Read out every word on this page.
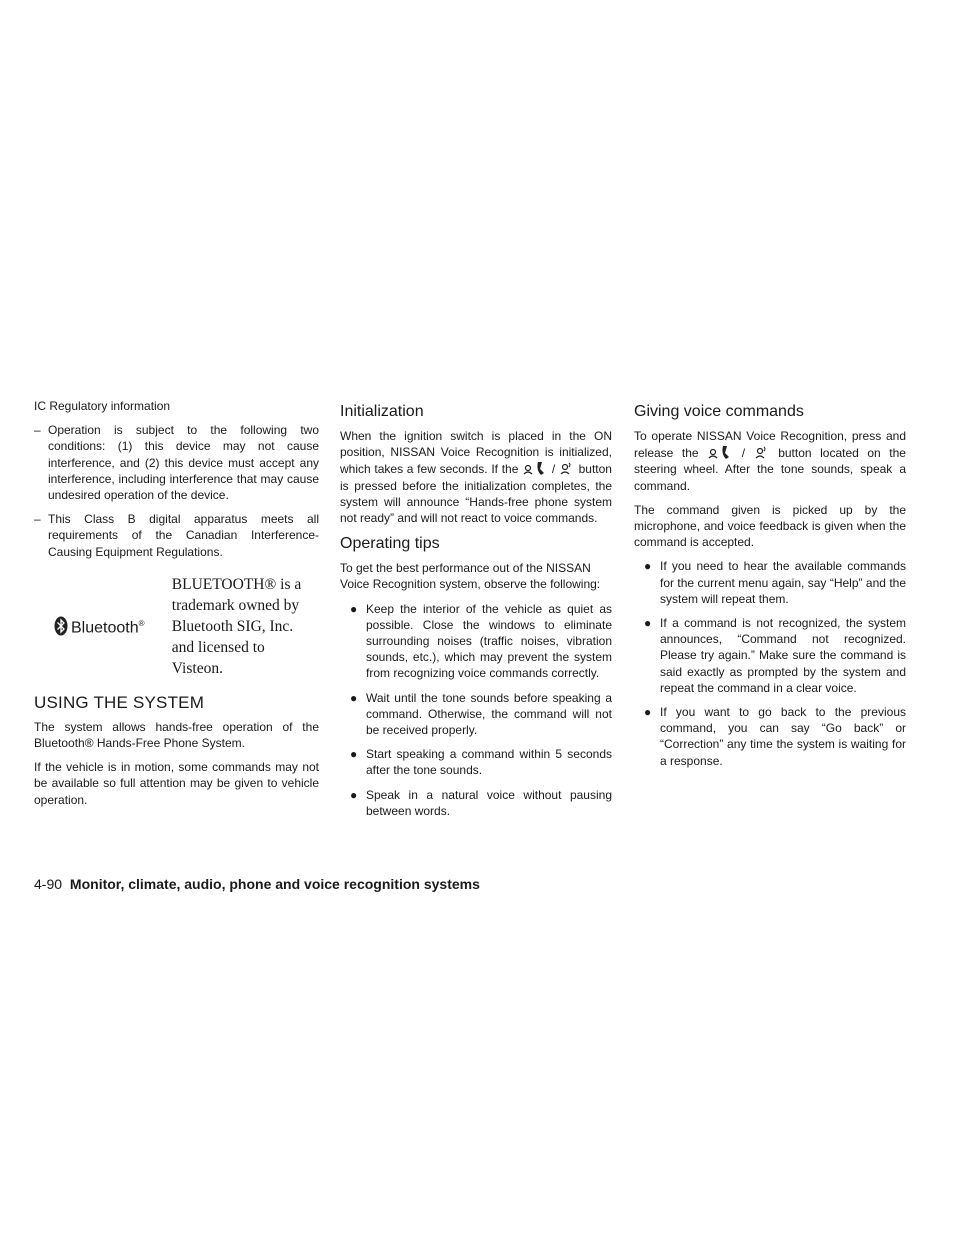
IC Regulatory information
– Operation is subject to the following two conditions: (1) this device may not cause interference, and (2) this device must accept any interference, including interference that may cause undesired operation of the device.
– This Class B digital apparatus meets all requirements of the Canadian Interference-Causing Equipment Regulations.
Bluetooth®
BLUETOOTH® is a trademark owned by Bluetooth SIG, Inc. and licensed to Visteon.
USING THE SYSTEM

The system allows hands-free operation of the Bluetooth® Hands-Free Phone System.

If the vehicle is in motion, some commands may not be available so full attention may be given to vehicle operation.

Initialization

When the ignition switch is placed in the ON position, NISSAN Voice Recognition is initialized, which takes a few seconds. If the	/ button is pressed before the initialization completes, the system will announce “Hands-free phone system not ready” and will not react to voice commands.

Operating tips
To get the best performance out of the NISSAN Voice Recognition system, observe the following:
● Keep the interior of the vehicle as quiet as possible. Close the windows to eliminate surrounding noises (traffic noises, vibration sounds, etc.), which may prevent the system from recognizing voice commands correctly.
● Wait until the tone sounds before speaking a command. Otherwise, the command will not be received properly.
● Start speaking a command within 5 seconds after the tone sounds.
● Speak in a natural voice without pausing between words.
Giving voice commands

To operate NISSAN Voice Recognition, press and release the	/	button located on the steering wheel. After the tone sounds, speak a command.

The command given is picked up by the microphone, and voice feedback is given when the command is accepted.

● If you need to hear the available commands for the current menu again, say “Help” and the system will repeat them.
● If a command is not recognized, the system announces, “Command not recognized. Please try again.” Make sure the command is said exactly as prompted by the system and repeat the command in a clear voice.
● If you want to go back to the previous command, you can say “Go back” or “Correction” any time the system is waiting for a response.
4-90 Monitor, climate, audio, phone and voice recognition systems
